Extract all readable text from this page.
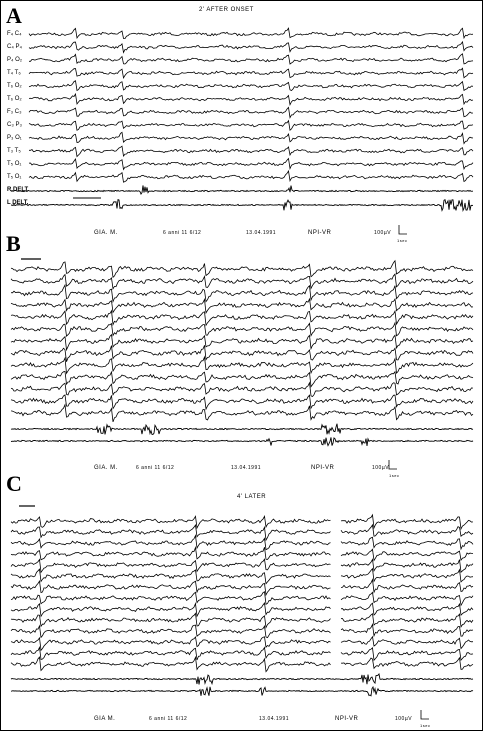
A	2' AFTER ONSET
F₄ C₄
C₄ P₄
P₄ O₂
T₄ T₆
T₆ O₂
T₆ O₂
F₃ C₃
C₃ P₃
P₃ O₁
T₃ T₅
T₅ O₁
T₅ O₁
R DELT.
L DELT.
GIA. M.	6 anni 11 6/12	13.04.1991	NPI-VR	100µV
1sec
B
GIA. M.	6 anni 11 6/12	13.04.1991	NPI-VR	100µV
1sec
C
4' LATER
GIA M.	6 anni 11 6/12	13.04.1991	NPI-VR	100µV
1sec
